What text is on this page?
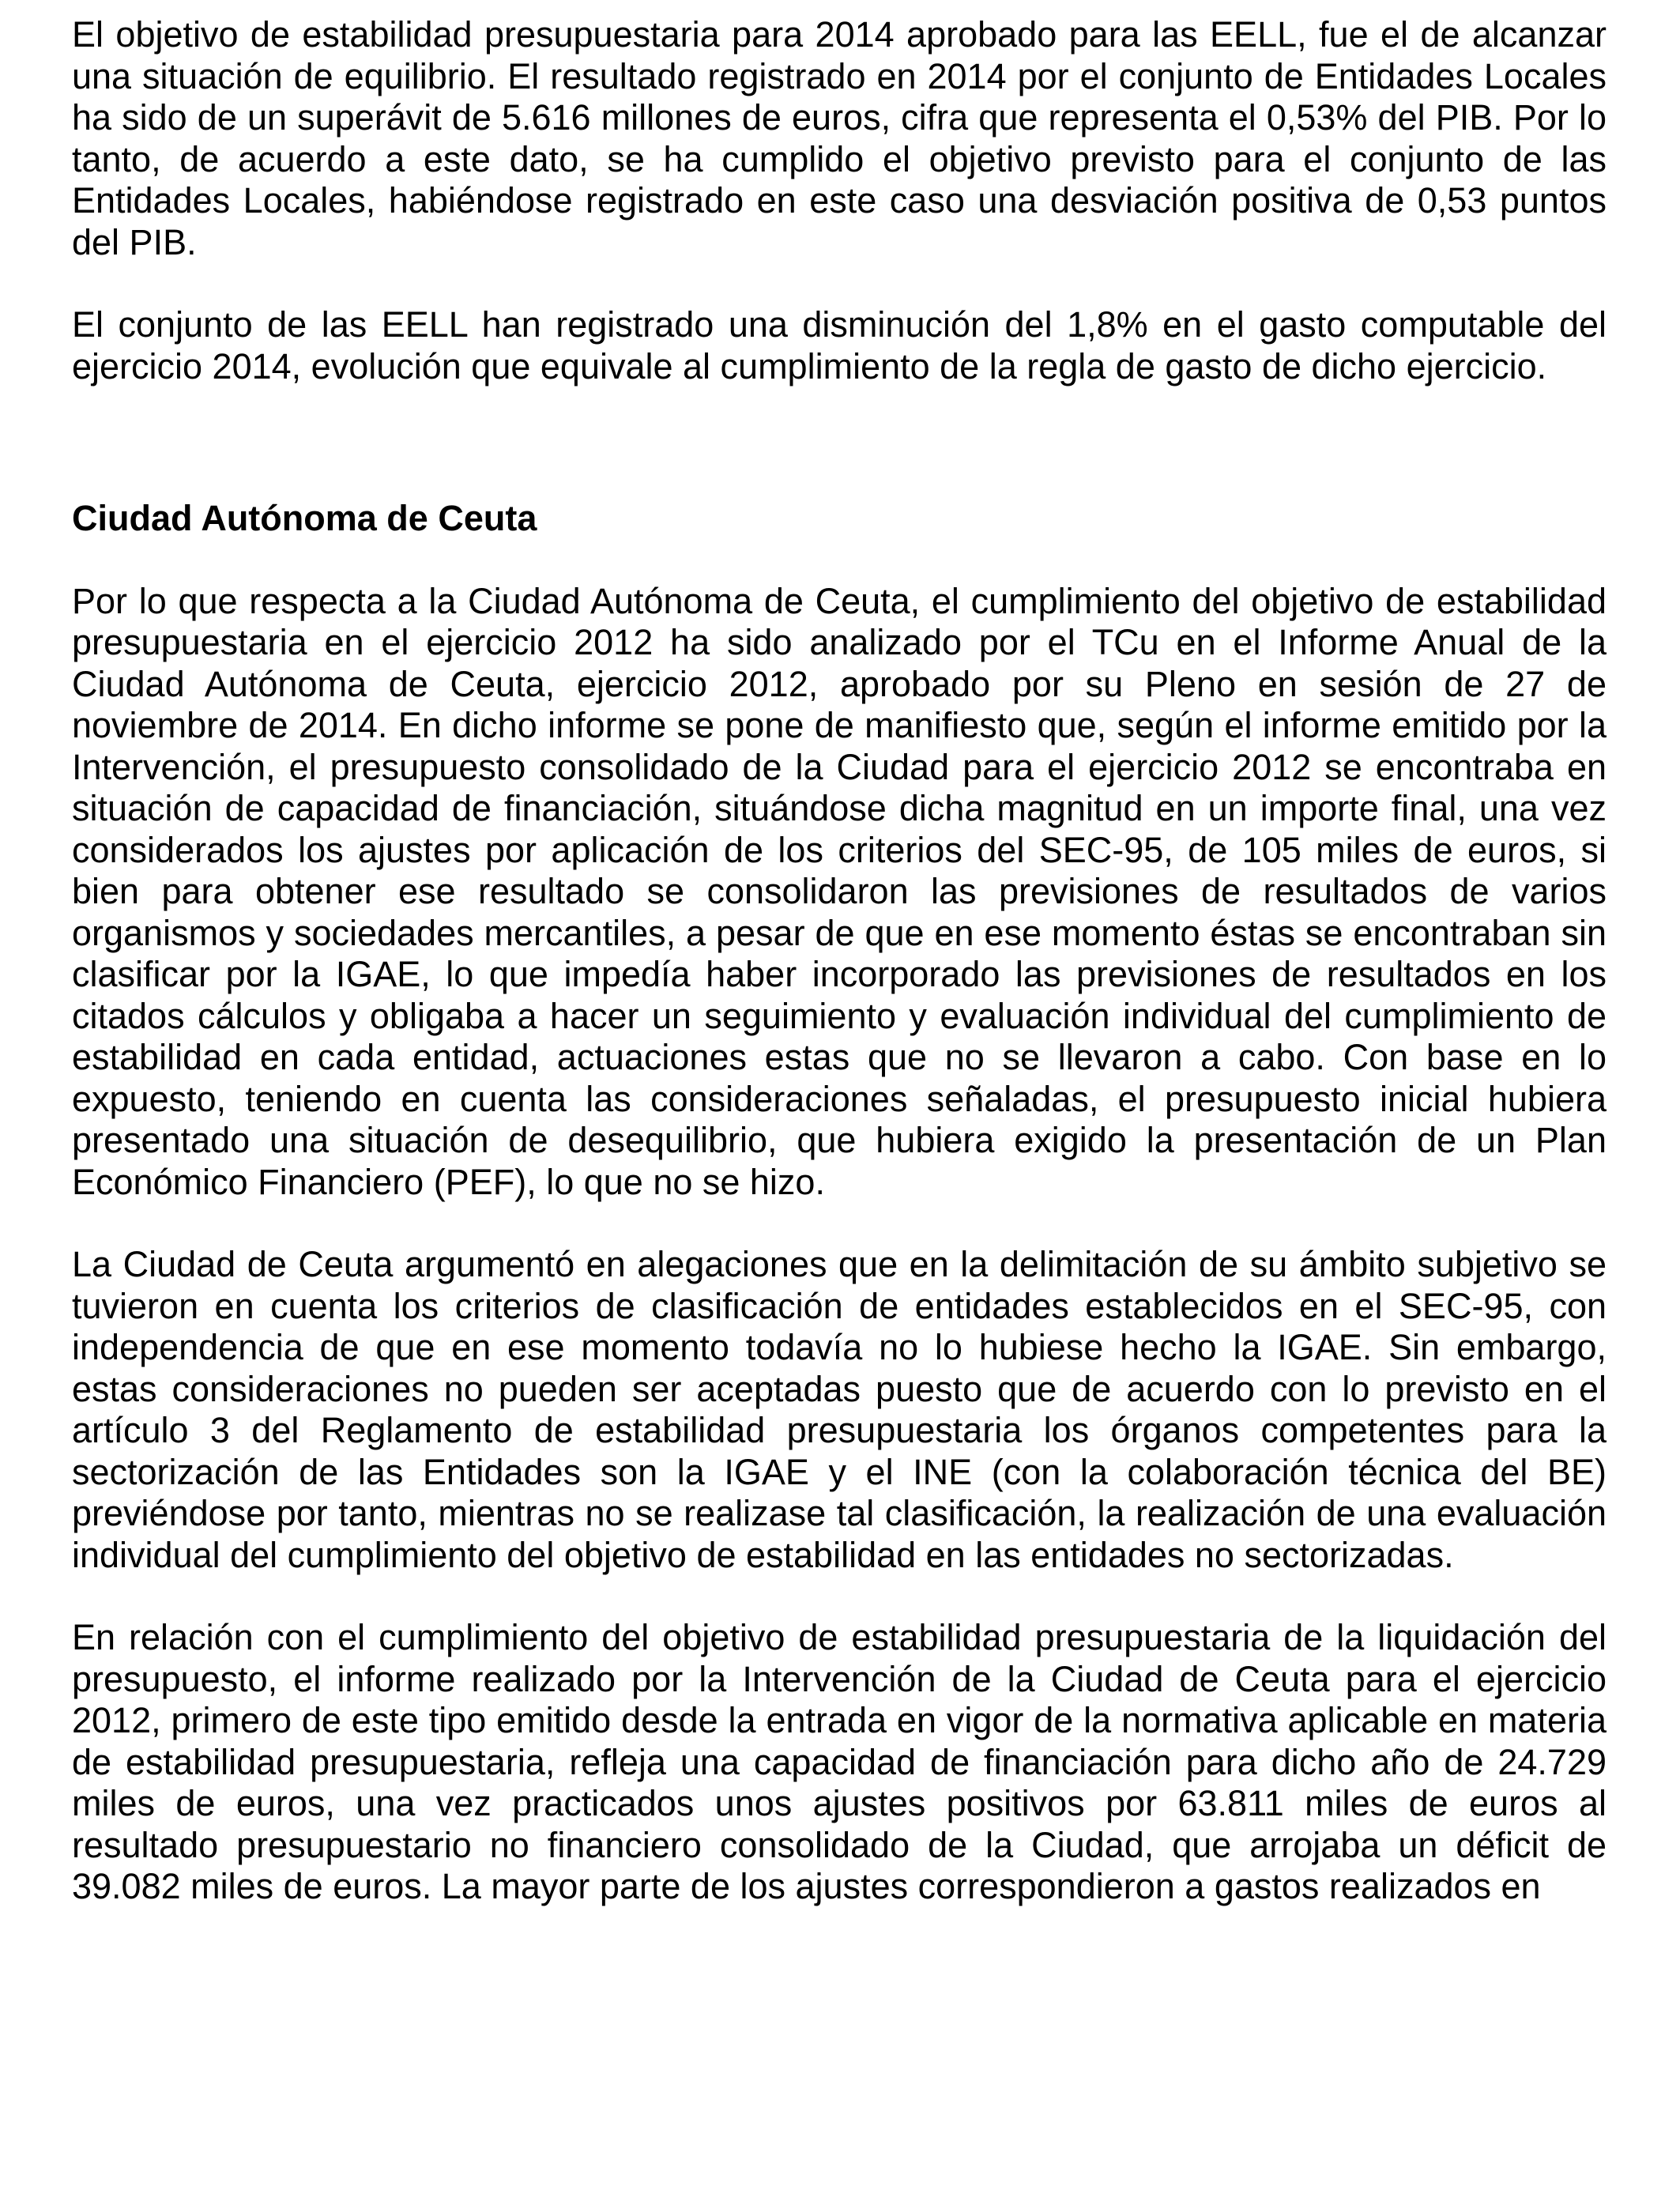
El objetivo de estabilidad presupuestaria para 2014 aprobado para las EELL, fue el de alcanzar una situación de equilibrio. El resultado registrado en 2014 por el conjunto de Entidades Locales ha sido de un superávit de 5.616 millones de euros, cifra que representa el 0,53% del PIB. Por lo tanto, de acuerdo a este dato, se ha cumplido el objetivo previsto para el conjunto de las Entidades Locales, habiéndose registrado en este caso una desviación positiva de 0,53 puntos del PIB.

El conjunto de las EELL han registrado una disminución del 1,8% en el gasto computable del ejercicio 2014, evolución que equivale al cumplimiento de la regla de gasto de dicho ejercicio.

Ciudad Autónoma de Ceuta

Por lo que respecta a la Ciudad Autónoma de Ceuta, el cumplimiento del objetivo de estabilidad presupuestaria en el ejercicio 2012 ha sido analizado por el TCu en el Informe Anual de la Ciudad Autónoma de Ceuta, ejercicio 2012, aprobado por su Pleno en sesión de 27 de noviembre de 2014. En dicho informe se pone de manifiesto que, según el informe emitido por la Intervención, el presupuesto consolidado de la Ciudad para el ejercicio 2012 se encontraba en situación de capacidad de financiación, situándose dicha magnitud en un importe final, una vez considerados los ajustes por aplicación de los criterios del SEC-95, de 105 miles de euros, si bien para obtener ese resultado se consolidaron las previsiones de resultados de varios organismos y sociedades mercantiles, a pesar de que en ese momento éstas se encontraban sin clasificar por la IGAE, lo que impedía haber incorporado las previsiones de resultados en los citados cálculos y obligaba a hacer un seguimiento y evaluación individual del cumplimiento de estabilidad en cada entidad, actuaciones estas que no se llevaron a cabo. Con base en lo expuesto, teniendo en cuenta las consideraciones señaladas, el presupuesto inicial hubiera presentado una situación de desequilibrio, que hubiera exigido la presentación de un Plan Económico Financiero (PEF), lo que no se hizo.

La Ciudad de Ceuta argumentó en alegaciones que en la delimitación de su ámbito subjetivo se tuvieron en cuenta los criterios de clasificación de entidades establecidos en el SEC-95, con independencia de que en ese momento todavía no lo hubiese hecho la IGAE. Sin embargo, estas consideraciones no pueden ser aceptadas puesto que de acuerdo con lo previsto en el artículo 3 del Reglamento de estabilidad presupuestaria los órganos competentes para la sectorización de las Entidades son la IGAE y el INE (con la colaboración técnica del BE) previéndose por tanto, mientras no se realizase tal clasificación, la realización de una evaluación individual del cumplimiento del objetivo de estabilidad en las entidades no sectorizadas.

En relación con el cumplimiento del objetivo de estabilidad presupuestaria de la liquidación del presupuesto, el informe realizado por la Intervención de la Ciudad de Ceuta para el ejercicio 2012, primero de este tipo emitido desde la entrada en vigor de la normativa aplicable en materia de estabilidad presupuestaria, refleja una capacidad de financiación para dicho año de 24.729 miles de euros, una vez practicados unos ajustes positivos por 63.811 miles de euros al resultado presupuestario no financiero consolidado de la Ciudad, que arrojaba un déficit de 39.082 miles de euros. La mayor parte de los ajustes correspondieron a gastos realizados en
